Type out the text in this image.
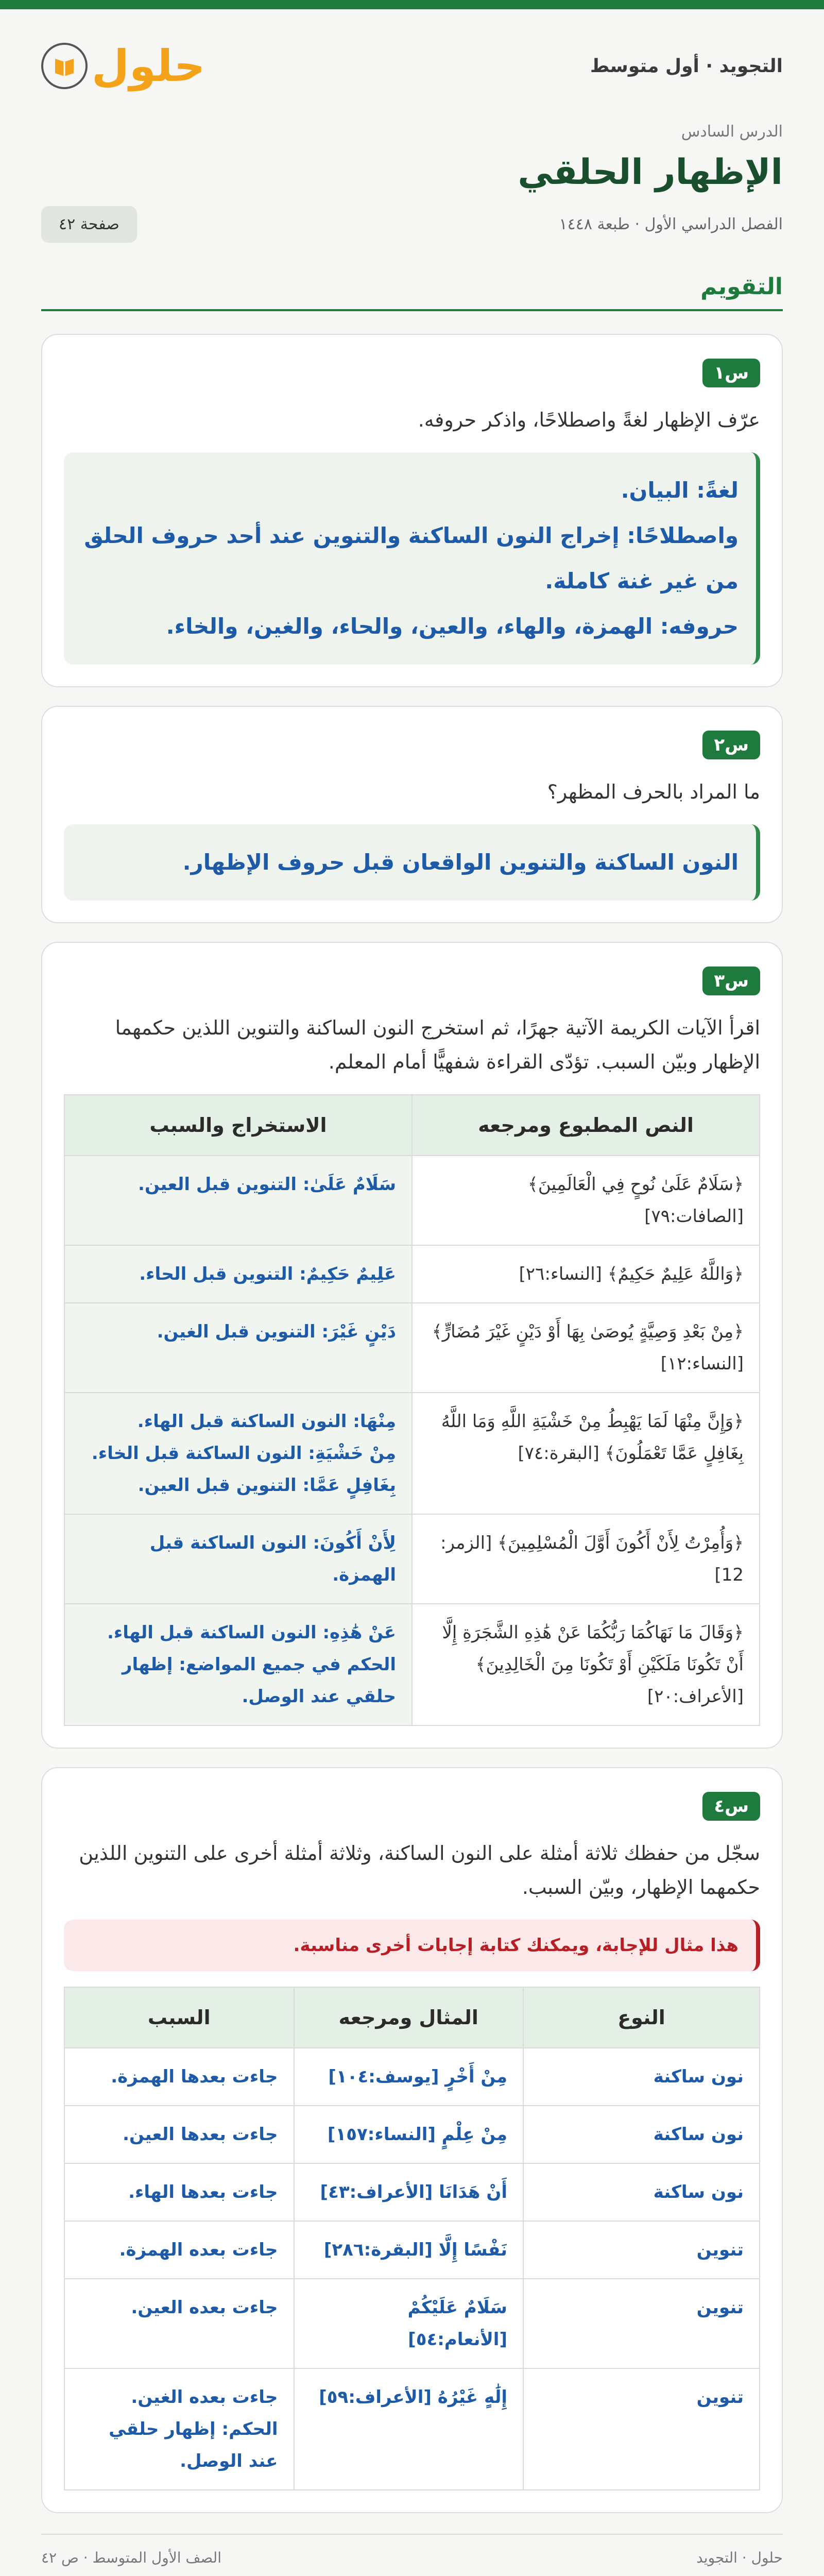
التجويد · أول متوسط
حلول
الدرس السادس
الإظهار الحلقي
الفصل الدراسي الأول · طبعة ١٤٤٨
صفحة ٤٢
التقويم
س١

عرّف الإظهار لغةً واصطلاحًا، واذكر حروفه.

لغةً: البيان.

واصطلاحًا: إخراج النون الساكنة والتنوين عند أحد حروف الحلق من غير غنة كاملة.

حروفه: الهمزة، والهاء، والعين، والحاء، والغين، والخاء.

س٢

ما المراد بالحرف المظهر؟

النون الساكنة والتنوين الواقعان قبل حروف الإظهار.

س٣

اقرأ الآيات الكريمة الآتية جهرًا، ثم استخرج النون الساكنة والتنوين اللذين حكمهما الإظهار وبيّن السبب. تؤدّى القراءة شفهيًّا أمام المعلم.

النص المطبوع ومرجعه	الاستخراج والسبب
﴿سَلَامٌ عَلَىٰ نُوحٍ فِي الْعَالَمِينَ﴾ [الصافات:٧٩]	سَلَامٌ عَلَىٰ: التنوين قبل العين.

﴿وَاللَّهُ عَلِيمٌ حَكِيمٌ﴾ [النساء:٢٦]	عَلِيمٌ حَكِيمٌ: التنوين قبل الحاء.

﴿مِنْ بَعْدِ وَصِيَّةٍ يُوصَىٰ بِهَا أَوْ دَيْنٍ غَيْرَ مُضَارٍّ﴾ [النساء:١٢]	دَيْنٍ غَيْرَ: التنوين قبل الغين.

﴿وَإِنَّ مِنْهَا لَمَا يَهْبِطُ مِنْ خَشْيَةِ اللَّهِ وَمَا اللَّهُ بِغَافِلٍ عَمَّا تَعْمَلُونَ﴾ [البقرة:٧٤]	مِنْهَا: النون الساكنة قبل الهاء.
مِنْ خَشْيَةِ: النون الساكنة قبل الخاء.
بِغَافِلٍ عَمَّا: التنوين قبل العين.

﴿وَأُمِرْتُ لِأَنْ أَكُونَ أَوَّلَ الْمُسْلِمِينَ﴾ [الزمر: 12]	لِأَنْ أَكُونَ: النون الساكنة قبل الهمزة.

﴿وَقَالَ مَا نَهَاكُمَا رَبُّكُمَا عَنْ هَٰذِهِ الشَّجَرَةِ إِلَّا أَنْ تَكُونَا مَلَكَيْنِ أَوْ تَكُونَا مِنَ الْخَالِدِينَ﴾ [الأعراف:٢٠]	عَنْ هَٰذِهِ: النون الساكنة قبل الهاء. الحكم في جميع المواضع: إظهار حلقي عند الوصل.
س٤

سجّل من حفظك ثلاثة أمثلة على النون الساكنة، وثلاثة أمثلة أخرى على التنوين اللذين حكمهما الإظهار، وبيّن السبب.

هذا مثال للإجابة، ويمكنك كتابة إجابات أخرى مناسبة.
النوع	المثال ومرجعه	السبب
نون ساكنة	مِنْ أَخْرٍ [يوسف:١٠٤]	جاءت بعدها الهمزة.
نون ساكنة	مِنْ عِلْمٍ [النساء:١٥٧]	جاءت بعدها العين.
نون ساكنة	أَنْ هَدَانَا [الأعراف:٤٣]	جاءت بعدها الهاء.
تنوين	نَفْسًا إِلَّا [البقرة:٢٨٦]	جاءت بعده الهمزة.
تنوين	سَلَامٌ عَلَيْكُمْ [الأنعام:٥٤]	جاءت بعده العين.
تنوين	إِلَٰهٍ غَيْرُهُ [الأعراف:٥٩]	جاءت بعده الغين. الحكم: إظهار حلقي عند الوصل.
حلول · التجويد
الصف الأول المتوسط · ص ٤٢
